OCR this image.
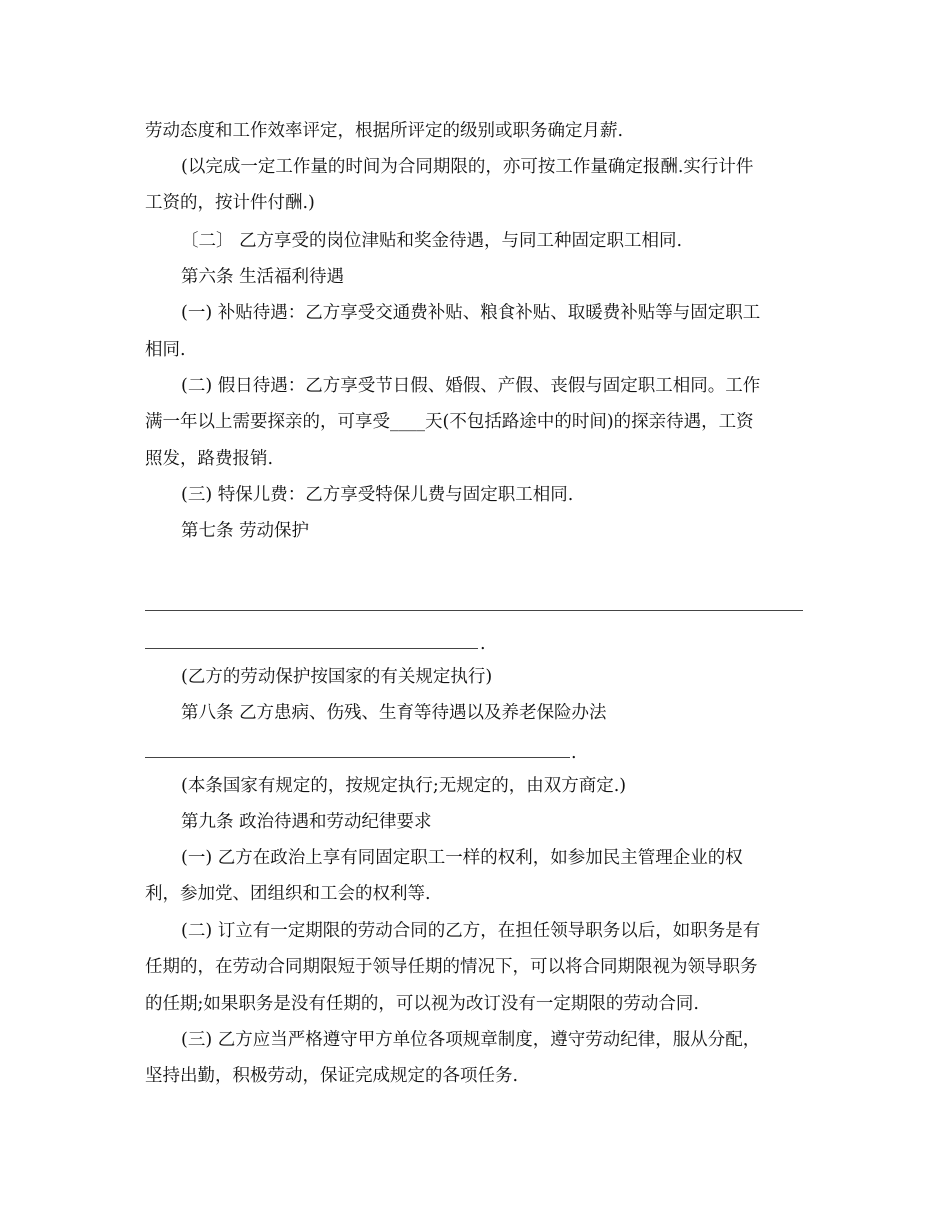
劳动态度和工作效率评定，根据所评定的级别或职务确定月薪.
(以完成一定工作量的时间为合同期限的，亦可按工作量确定报酬.实行计件
工资的，按计件付酬.)
〔二〕 乙方享受的岗位津贴和奖金待遇，与同工种固定职工相同.
第六条 生活福利待遇
(一) 补贴待遇：乙方享受交通费补贴、粮食补贴、取暖费补贴等与固定职工
相同.
(二) 假日待遇：乙方享受节日假、婚假、产假、丧假与固定职工相同。工作
满一年以上需要探亲的，可享受____天(不包括路途中的时间)的探亲待遇，工资
照发，路费报销.
(三) 特保儿费：乙方享受特保儿费与固定职工相同.
第七条 劳动保护
.
(乙方的劳动保护按国家的有关规定执行)
第八条 乙方患病、伤残、生育等待遇以及养老保险办法
.
(本条国家有规定的，按规定执行;无规定的，由双方商定.)
第九条 政治待遇和劳动纪律要求
(一) 乙方在政治上享有同固定职工一样的权利，如参加民主管理企业的权
利，参加党、团组织和工会的权利等.
(二) 订立有一定期限的劳动合同的乙方，在担任领导职务以后，如职务是有
任期的，在劳动合同期限短于领导任期的情况下，可以将合同期限视为领导职务
的任期;如果职务是没有任期的，可以视为改订没有一定期限的劳动合同.
(三) 乙方应当严格遵守甲方单位各项规章制度，遵守劳动纪律，服从分配，
坚持出勤，积极劳动，保证完成规定的各项任务.
